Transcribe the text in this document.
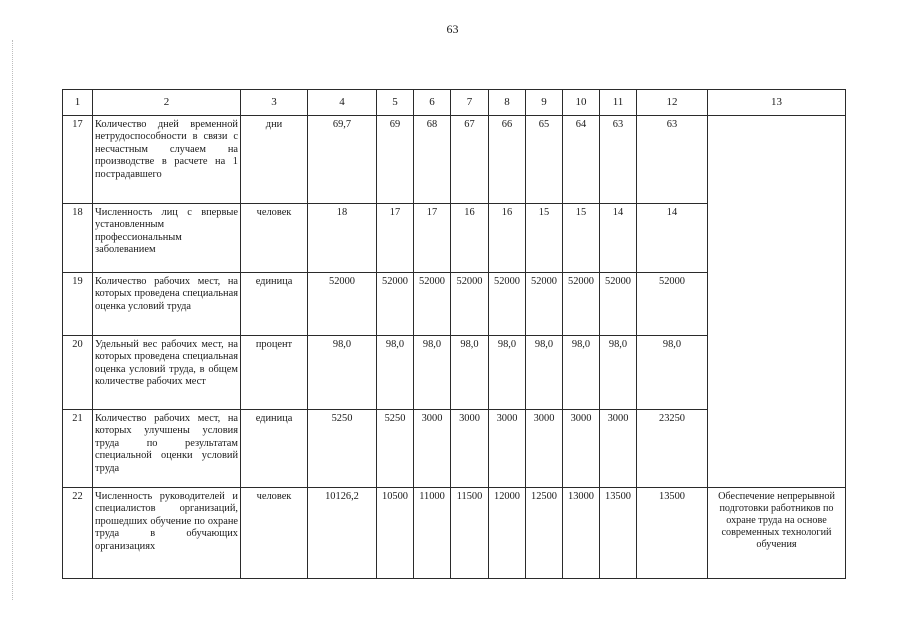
63
1	2	3	4	5	6	7	8	9	10	11	12	13
17	Количество дней временной нетрудоспособности в связи с несчастным случаем на производстве в расчете на 1 пострадавшего	дни	69,7	69	68	67	66	65	64	63	63	
18	Численность лиц с впервые установленным профессиональным заболеванием	человек	18	17	17	16	16	15	15	14	14	
19	Количество рабочих мест, на которых проведена специальная оценка условий труда	единица	52000	52000	52000	52000	52000	52000	52000	52000	52000	
20	Удельный вес рабочих мест, на которых проведена специальная оценка условий труда, в общем количестве рабочих мест	процент	98,0	98,0	98,0	98,0	98,0	98,0	98,0	98,0	98,0	
21	Количество рабочих мест, на которых улучшены условия труда по результатам специальной оценки условий труда	единица	5250	5250	3000	3000	3000	3000	3000	3000	23250	
22	Численность руководителей и специалистов организаций, прошедших обучение по охране труда в обучающих организациях	человек	10126,2	10500	11000	11500	12000	12500	13000	13500	13500	Обеспечение непрерывной подготовки работников по охране труда на основе современных технологий обучения
